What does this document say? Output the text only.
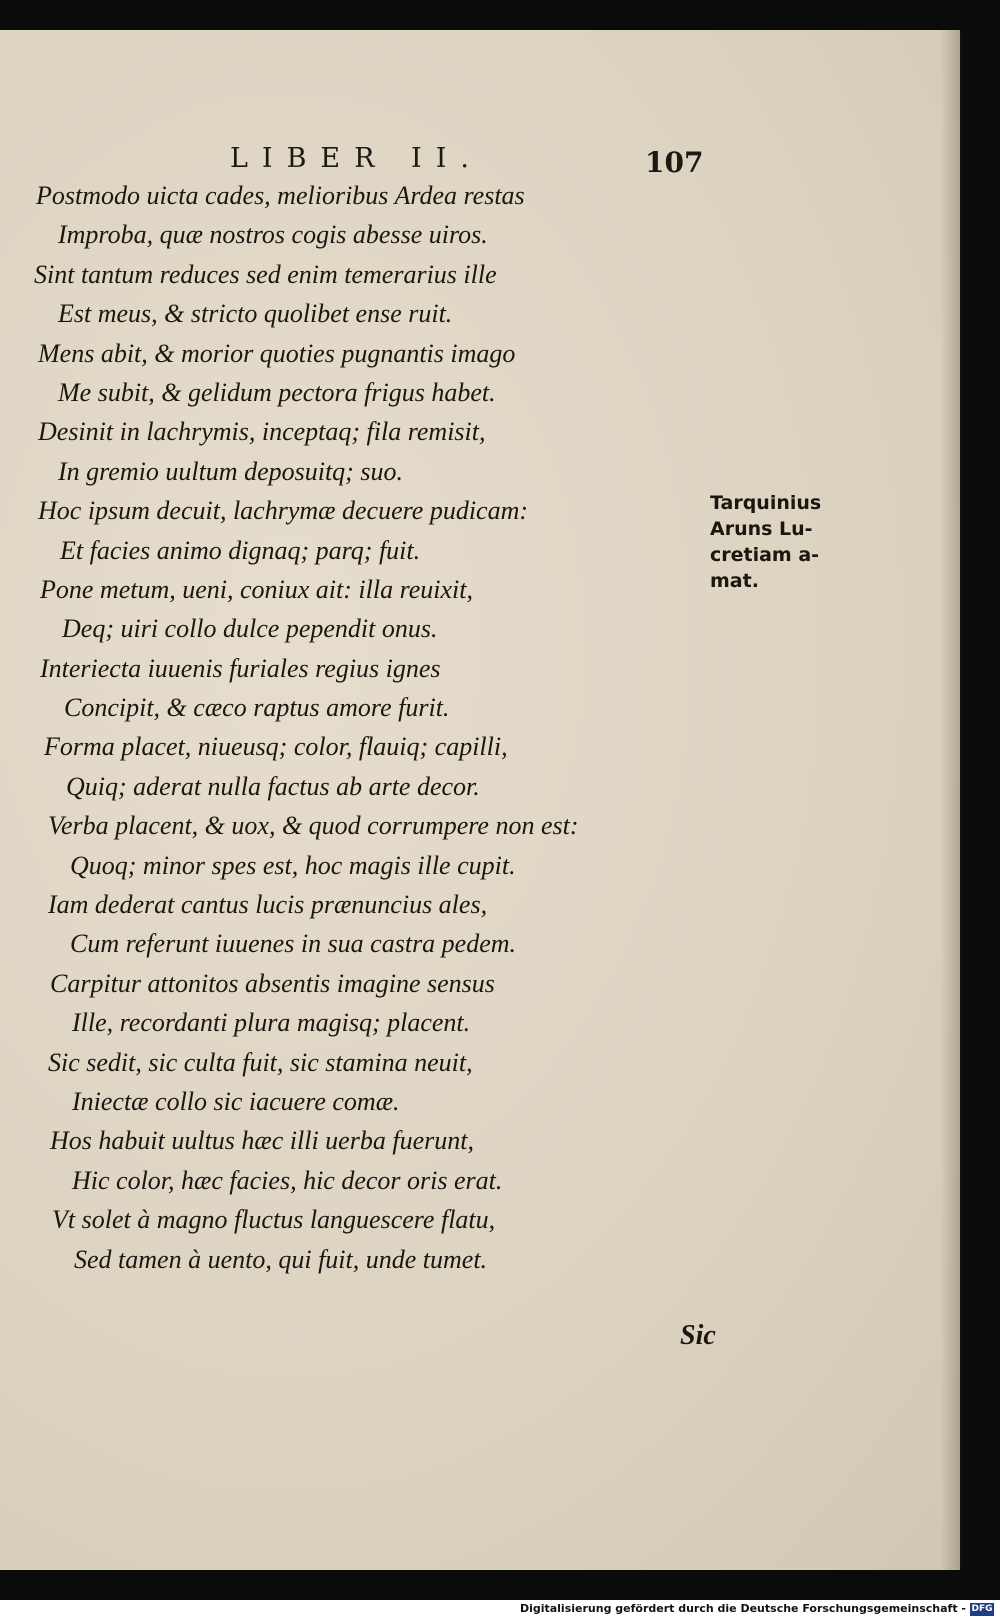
LIBER II.	107
Postmodo uicta cades, melioribus Ardea restas
Improba, quæ nostros cogis abesse uiros.
Sint tantum reduces sed enim temerarius ille
Est meus, & stricto quolibet ense ruit.
Mens abit, & morior quoties pugnantis imago
Me subit, & gelidum pectora frigus habet.
Desinit in lachrymis, inceptaq; fila remisit,
In gremio uultum deposuitq; suo.
Hoc ipsum decuit, lachrymæ decuere pudicam:
Et facies animo dignaq; parq; fuit.
Pone metum, ueni, coniux ait: illa reuixit,
Deq; uiri collo dulce pependit onus.
Interiecta iuuenis furiales regius ignes
Concipit, & cæco raptus amore furit.
Forma placet, niueusq; color, flauiq; capilli,
Quiq; aderat nulla factus ab arte decor.
Verba placent, & uox, & quod corrumpere non est:
Quoq; minor spes est, hoc magis ille cupit.
Iam dederat cantus lucis prænuncius ales,
Cum referunt iuuenes in sua castra pedem.
Carpitur attonitos absentis imagine sensus
Ille, recordanti plura magisq; placent.
Sic sedit, sic culta fuit, sic stamina neuit,
Iniectæ collo sic iacuere comæ.
Hos habuit uultus hæc illi uerba fuerunt,
Hic color, hæc facies, hic decor oris erat.
Vt solet à magno fluctus languescere flatu,
Sed tamen à uento, qui fuit, unde tumet.
Tarquinius
Aruns Lu-
cretiam a-
mat.
Sic
Digitalisierung gefördert durch die Deutsche Forschungsgemeinschaft - DFG
